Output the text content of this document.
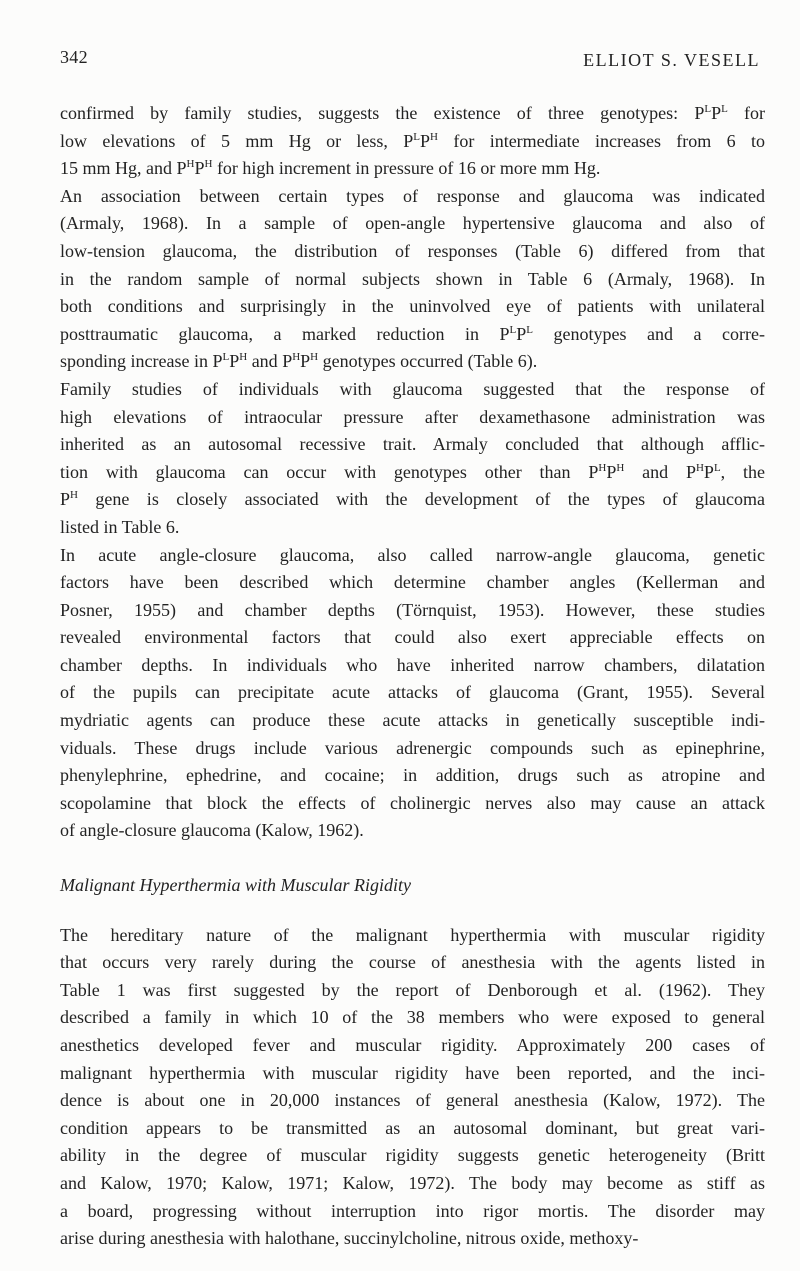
342	ELLIOT S. VESELL
confirmed by family studies, suggests the existence of three genotypes: $P^LP^L$ for
low elevations of 5 mm Hg or less, $P^LP^H$ for intermediate increases from 6 to
15 mm Hg, and $P^HP^H$ for high increment in pressure of 16 or more mm Hg.
An association between certain types of response and glaucoma was indicated
(Armaly, 1968). In a sample of open-angle hypertensive glaucoma and also of
low-tension glaucoma, the distribution of responses (Table 6) differed from that
in the random sample of normal subjects shown in Table 6 (Armaly, 1968). In
both conditions and surprisingly in the uninvolved eye of patients with unilateral
posttraumatic glaucoma, a marked reduction in $P^LP^L$ genotypes and a corre-
sponding increase in $P^LP^H$ and $P^HP^H$ genotypes occurred (Table 6).
Family studies of individuals with glaucoma suggested that the response of
high elevations of intraocular pressure after dexamethasone administration was
inherited as an autosomal recessive trait. Armaly concluded that although afflic-
tion with glaucoma can occur with genotypes other than $P^HP^H$ and $P^HP^L$, the
$P^H$ gene is closely associated with the development of the types of glaucoma
listed in Table 6.
In acute angle-closure glaucoma, also called narrow-angle glaucoma, genetic
factors have been described which determine chamber angles (Kellerman and
Posner, 1955) and chamber depths (Törnquist, 1953). However, these studies
revealed environmental factors that could also exert appreciable effects on
chamber depths. In individuals who have inherited narrow chambers, dilatation
of the pupils can precipitate acute attacks of glaucoma (Grant, 1955). Several
mydriatic agents can produce these acute attacks in genetically susceptible indi-
viduals. These drugs include various adrenergic compounds such as epinephrine,
phenylephrine, ephedrine, and cocaine; in addition, drugs such as atropine and
scopolamine that block the effects of cholinergic nerves also may cause an attack
of angle-closure glaucoma (Kalow, 1962).
Malignant Hyperthermia with Muscular Rigidity
The hereditary nature of the malignant hyperthermia with muscular rigidity
that occurs very rarely during the course of anesthesia with the agents listed in
Table 1 was first suggested by the report of Denborough et al. (1962). They
described a family in which 10 of the 38 members who were exposed to general
anesthetics developed fever and muscular rigidity. Approximately 200 cases of
malignant hyperthermia with muscular rigidity have been reported, and the inci-
dence is about one in 20,000 instances of general anesthesia (Kalow, 1972). The
condition appears to be transmitted as an autosomal dominant, but great vari-
ability in the degree of muscular rigidity suggests genetic heterogeneity (Britt
and Kalow, 1970; Kalow, 1971; Kalow, 1972). The body may become as stiff as
a board, progressing without interruption into rigor mortis. The disorder may
arise during anesthesia with halothane, succinylcholine, nitrous oxide, methoxy-
